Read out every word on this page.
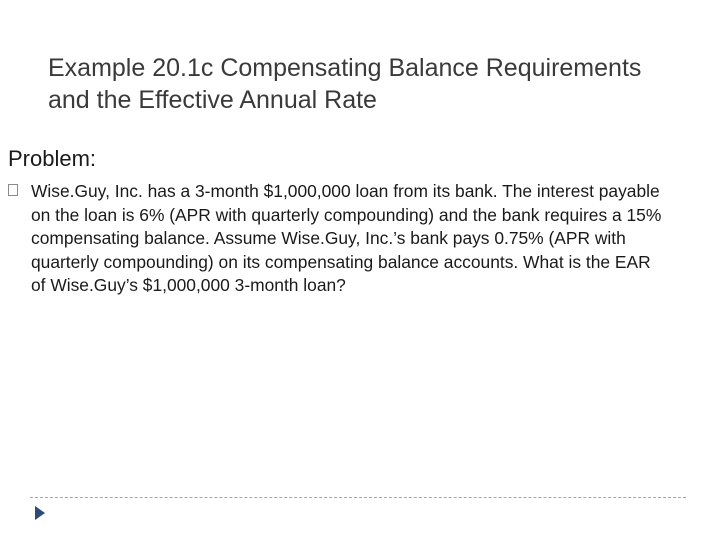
Example 20.1c Compensating Balance Requirements
and the Effective Annual Rate
Problem:
Wise.Guy, Inc. has a 3-month $1,000,000 loan from its bank. The interest payable on the loan is 6% (APR with quarterly compounding) and the bank requires a 15% compensating balance. Assume Wise.Guy, Inc.’s bank pays 0.75% (APR with quarterly compounding) on its compensating balance accounts. What is the EAR of Wise.Guy’s $1,000,000 3-month loan?
